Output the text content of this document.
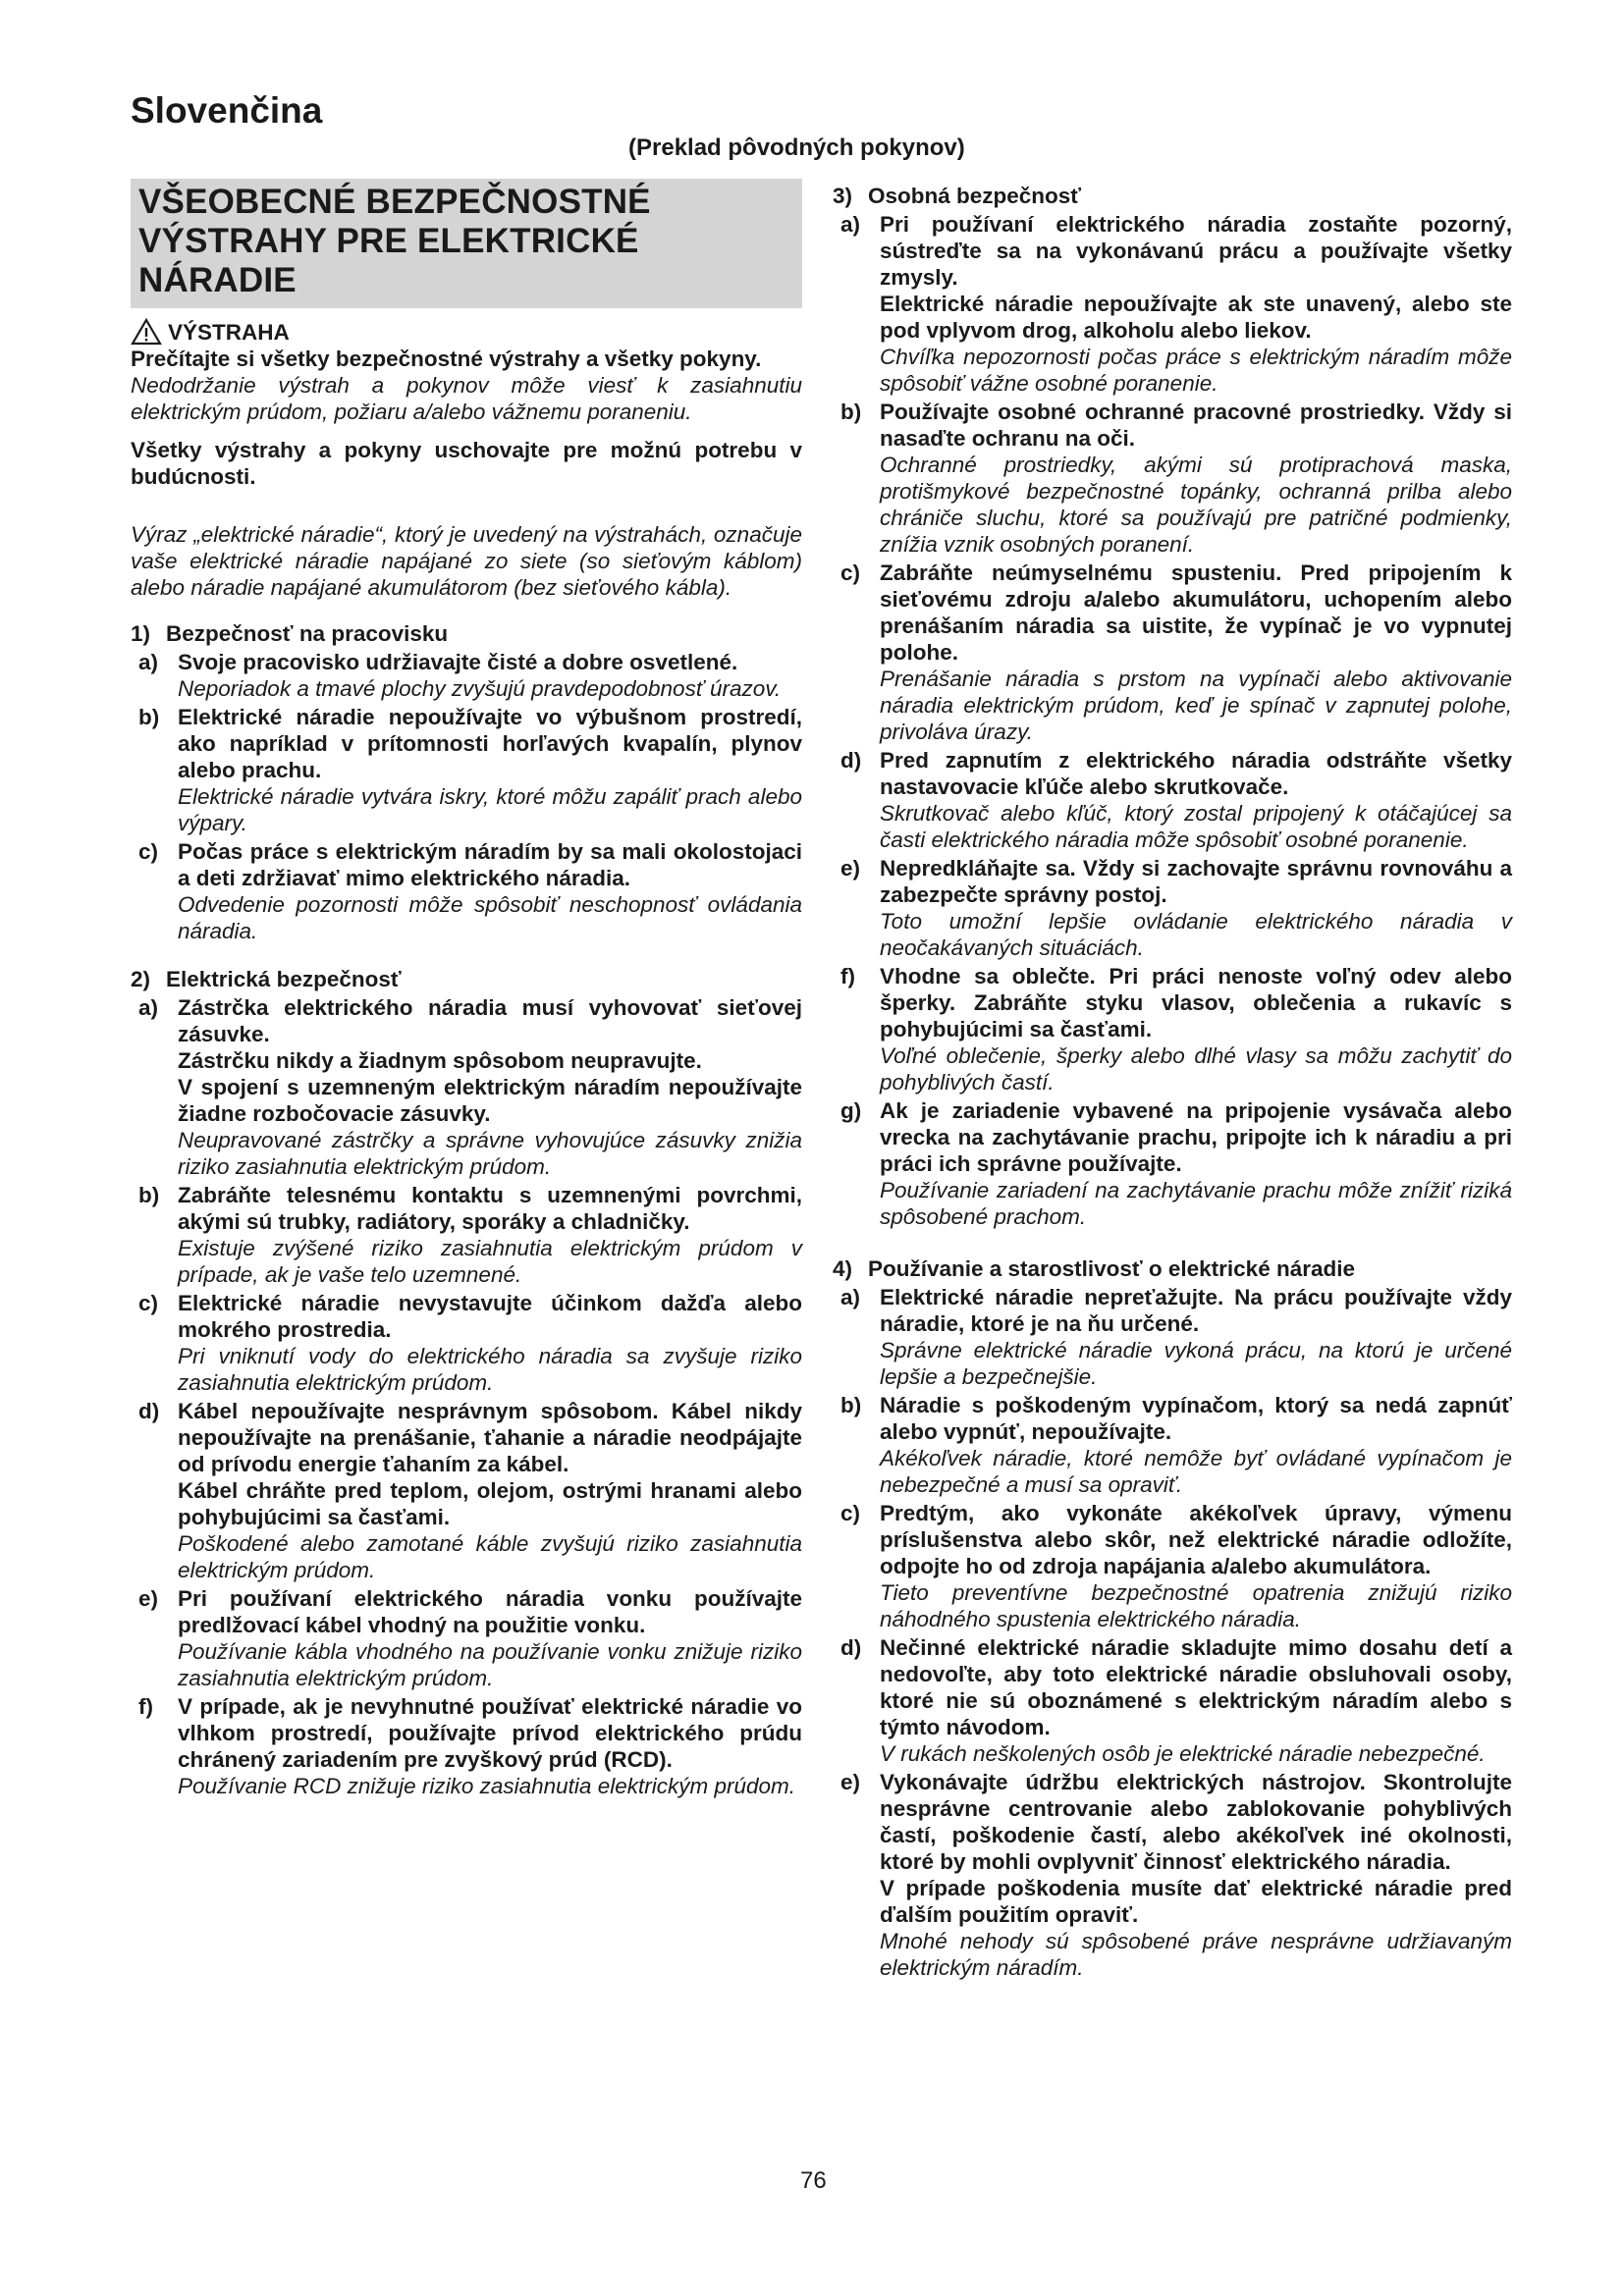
Slovenčina
(Preklad pôvodných pokynov)
VŠEOBECNÉ BEZPEČNOSTNÉ VÝSTRAHY PRE ELEKTRICKÉ NÁRADIE
VÝSTRAHA

Prečítajte si všetky bezpečnostné výstrahy a všetky pokyny.

Nedodržanie výstrah a pokynov môže viesť k zasiahnutiu elektrickým prúdom, požiaru a/alebo vážnemu poraneniu.

Všetky výstrahy a pokyny uschovajte pre možnú potrebu v budúcnosti.

Výraz „elektrické náradie“, ktorý je uvedený na výstrahách, označuje vaše elektrické náradie napájané zo siete (so sieťovým káblom) alebo náradie napájané akumulátorom (bez sieťového kábla).

1) Bezpečnosť na pracovisku
a) Svoje pracovisko udržiavajte čisté a dobre osvetlené.

Neporiadok a tmavé plochy zvyšujú pravdepodobnosť úrazov.

b) Elektrické náradie nepoužívajte vo výbušnom prostredí, ako napríklad v prítomnosti horľavých kvapalín, plynov alebo prachu.

Elektrické náradie vytvára iskry, ktoré môžu zapáliť prach alebo výpary.

c) Počas práce s elektrickým náradím by sa mali okolostojaci a deti zdržiavať mimo elektrického náradia.

Odvedenie pozornosti môže spôsobiť neschopnosť ovládania náradia.

2) Elektrická bezpečnosť
a) Zástrčka elektrického náradia musí vyhovovať sieťovej zásuvke.

Zástrčku nikdy a žiadnym spôsobom neupravujte.

V spojení s uzemneným elektrickým náradím nepoužívajte žiadne rozbočovacie zásuvky.

Neupravované zástrčky a správne vyhovujúce zásuvky znižia riziko zasiahnutia elektrickým prúdom.

b) Zabráňte telesnému kontaktu s uzemnenými povrchmi, akými sú trubky, radiátory, sporáky a chladničky.

Existuje zvýšené riziko zasiahnutia elektrickým prúdom v prípade, ak je vaše telo uzemnené.

c) Elektrické náradie nevystavujte účinkom dažďa alebo mokrého prostredia.

Pri vniknutí vody do elektrického náradia sa zvyšuje riziko zasiahnutia elektrickým prúdom.

d) Kábel nepoužívajte nesprávnym spôsobom. Kábel nikdy nepoužívajte na prenášanie, ťahanie a náradie neodpájajte od prívodu energie ťahaním za kábel.

Kábel chráňte pred teplom, olejom, ostrými hranami alebo pohybujúcimi sa časťami.

Poškodené alebo zamotané káble zvyšujú riziko zasiahnutia elektrickým prúdom.

e) Pri používaní elektrického náradia vonku používajte predlžovací kábel vhodný na použitie vonku.

Používanie kábla vhodného na používanie vonku znižuje riziko zasiahnutia elektrickým prúdom.

f)	V prípade, ak je nevyhnutné používať elektrické náradie vo vlhkom prostredí, používajte prívod elektrického prúdu chránený zariadením pre zvyškový prúd (RCD).

Používanie RCD znižuje riziko zasiahnutia elektrickým prúdom.

3) Osobná bezpečnosť
a) Pri používaní elektrického náradia zostaňte pozorný, sústreďte sa na vykonávanú prácu a používajte všetky zmysly.

Elektrické náradie nepoužívajte ak ste unavený, alebo ste pod vplyvom drog, alkoholu alebo liekov.

Chvíľka nepozornosti počas práce s elektrickým náradím môže spôsobiť vážne osobné poranenie.

b) Používajte osobné ochranné pracovné prostriedky. Vždy si nasaďte ochranu na oči.

Ochranné prostriedky, akými sú protiprachová maska, protišmykové bezpečnostné topánky, ochranná prilba alebo chrániče sluchu, ktoré sa používajú pre patričné podmienky, znížia vznik osobných poranení.

c) Zabráňte neúmyselnému spusteniu. Pred pripojením k sieťovému zdroju a/alebo akumulátoru, uchopením alebo prenášaním náradia sa uistite, že vypínač je vo vypnutej polohe.

Prenášanie náradia s prstom na vypínači alebo aktivovanie náradia elektrickým prúdom, keď je spínač v zapnutej polohe, privoláva úrazy.

d) Pred zapnutím z elektrického náradia odstráňte všetky nastavovacie kľúče alebo skrutkovače.

Skrutkovač alebo kľúč, ktorý zostal pripojený k otáčajúcej sa časti elektrického náradia môže spôsobiť osobné poranenie.

e) Nepredkláňajte sa. Vždy si zachovajte správnu rovnováhu a zabezpečte správny postoj.

Toto umožní lepšie ovládanie elektrického náradia v neočakávaných situáciách.

f)	Vhodne sa oblečte. Pri práci nenoste voľný odev alebo šperky. Zabráňte styku vlasov, oblečenia a rukavíc s pohybujúcimi sa časťami.

Voľné oblečenie, šperky alebo dlhé vlasy sa môžu zachytiť do pohyblivých častí.

g) Ak je zariadenie vybavené na pripojenie vysávača alebo vrecka na zachytávanie prachu, pripojte ich k náradiu a pri práci ich správne používajte.

Používanie zariadení na zachytávanie prachu môže znížiť riziká spôsobené prachom.

4) Používanie a starostlivosť o elektrické náradie
a) Elektrické náradie nepreťažujte. Na prácu používajte vždy náradie, ktoré je na ňu určené.

Správne elektrické náradie vykoná prácu, na ktorú je určené lepšie a bezpečnejšie.

b) Náradie s poškodeným vypínačom, ktorý sa nedá zapnúť alebo vypnúť, nepoužívajte.

Akékoľvek náradie, ktoré nemôže byť ovládané vypínačom je nebezpečné a musí sa opraviť.

c) Predtým, ako vykonáte akékoľvek úpravy, výmenu príslušenstva alebo skôr, než elektrické náradie odložíte, odpojte ho od zdroja napájania a/alebo akumulátora.

Tieto preventívne bezpečnostné opatrenia znižujú riziko náhodného spustenia elektrického náradia.

d) Nečinné elektrické náradie skladujte mimo dosahu detí a nedovoľte, aby toto elektrické náradie obsluhovali osoby, ktoré nie sú oboznámené s elektrickým náradím alebo s týmto návodom.

V rukách neškolených osôb je elektrické náradie nebezpečné.

e) Vykonávajte údržbu elektrických nástrojov. Skontrolujte nesprávne centrovanie alebo zablokovanie pohyblivých častí, poškodenie častí, alebo akékoľvek iné okolnosti, ktoré by mohli ovplyvniť činnosť elektrického náradia.

V prípade poškodenia musíte dať elektrické náradie pred ďalším použitím opraviť.

Mnohé nehody sú spôsobené práve nesprávne udržiavaným elektrickým náradím.

76
